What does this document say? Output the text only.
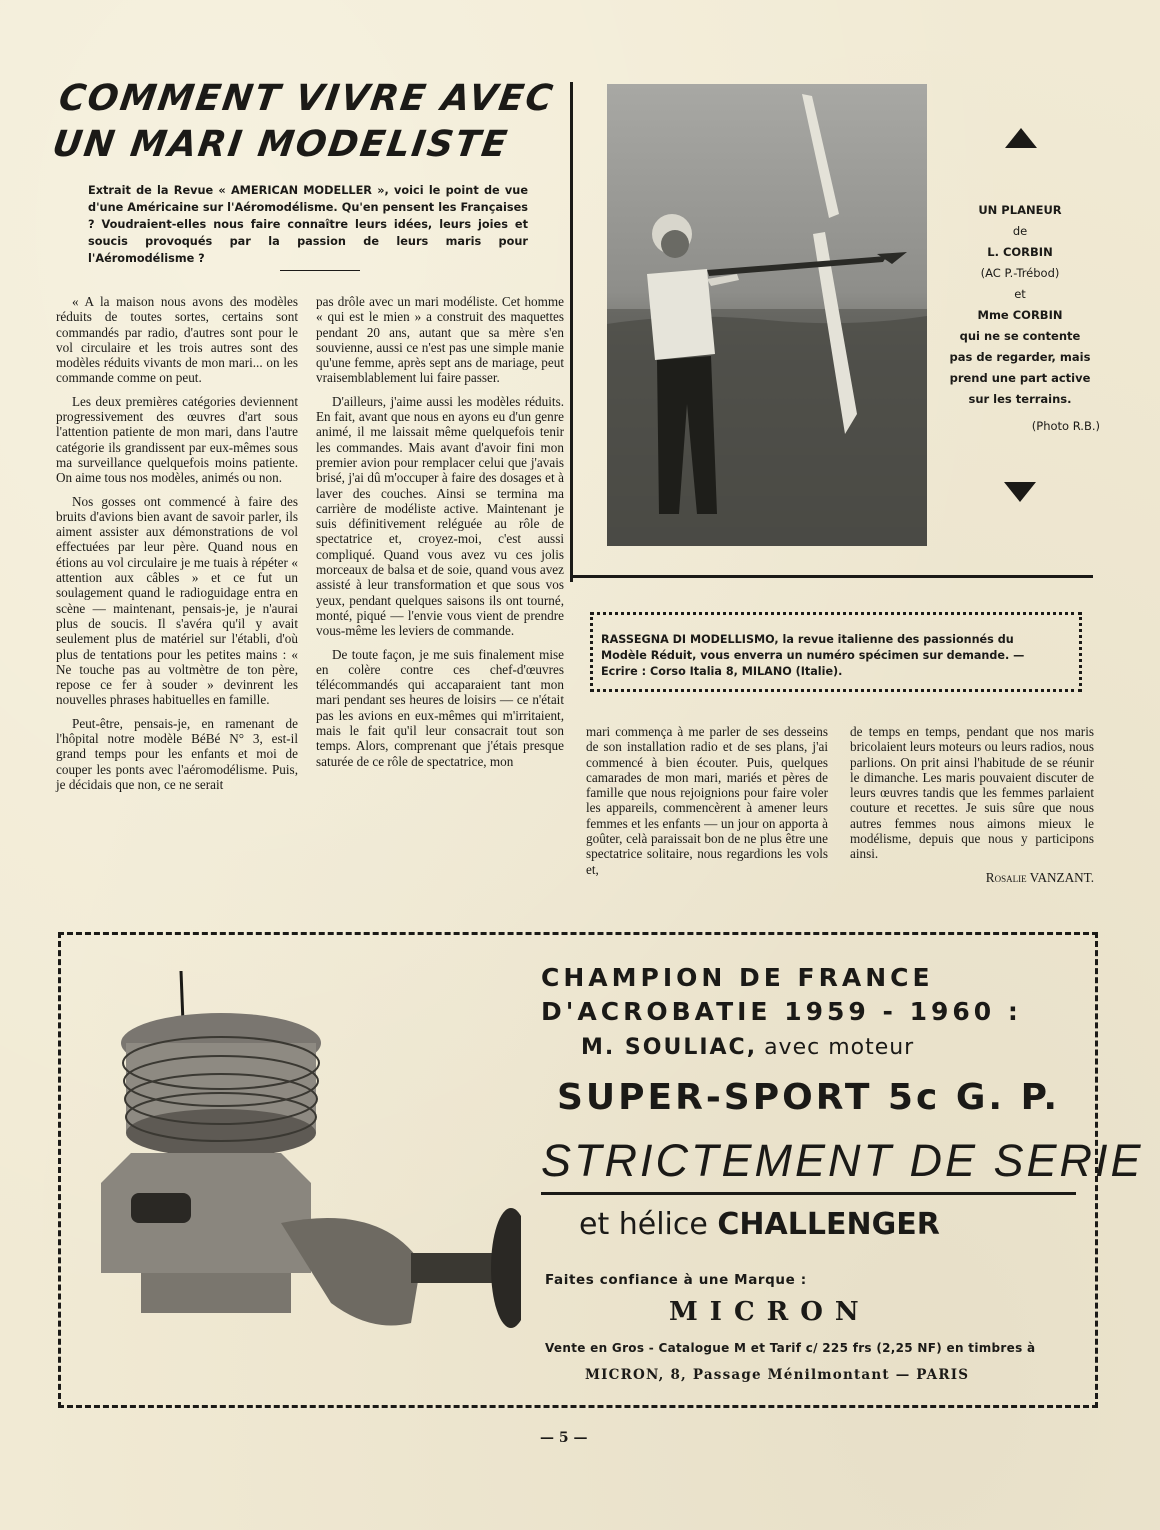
COMMENT VIVRE AVEC
UN MARI MODELISTE
Extrait de la Revue « AMERICAN MODELLER », voici le point de vue d'une Américaine sur l'Aéromodélisme. Qu'en pensent les Françaises ? Voudraient-elles nous faire connaître leurs idées, leurs joies et soucis provoqués par la passion de leurs maris pour l'Aéromodélisme ?

« A la maison nous avons des modèles réduits de toutes sortes, certains sont commandés par radio, d'autres sont pour le vol circulaire et les trois autres sont des modèles réduits vivants de mon mari... on les commande comme on peut.

Les deux premières catégories deviennent progressivement des œuvres d'art sous l'attention patiente de mon mari, dans l'autre catégorie ils grandissent par eux-mêmes sous ma surveillance quelquefois moins patiente. On aime tous nos modèles, animés ou non.

Nos gosses ont commencé à faire des bruits d'avions bien avant de savoir parler, ils aiment assister aux démonstrations de vol effectuées par leur père. Quand nous en étions au vol circulaire je me tuais à répéter « attention aux câbles » et ce fut un soulagement quand le radioguidage entra en scène — maintenant, pensais-je, je n'aurai plus de soucis. Il s'avéra qu'il y avait seulement plus de matériel sur l'établi, d'où plus de tentations pour les petites mains : « Ne touche pas au voltmètre de ton père, repose ce fer à souder » devinrent les nouvelles phrases habituelles en famille.

Peut-être, pensais-je, en ramenant de l'hôpital notre modèle BéBé N° 3, est-il grand temps pour les enfants et moi de couper les ponts avec l'aéromodélisme. Puis, je décidais que non, ce ne serait

pas drôle avec un mari modéliste. Cet homme « qui est le mien » a construit des maquettes pendant 20 ans, autant que sa mère s'en souvienne, aussi ce n'est pas une simple manie qu'une femme, après sept ans de mariage, peut vraisemblablement lui faire passer.

D'ailleurs, j'aime aussi les modèles réduits. En fait, avant que nous en ayons eu d'un genre animé, il me laissait même quelquefois tenir les commandes. Mais avant d'avoir fini mon premier avion pour remplacer celui que j'avais brisé, j'ai dû m'occuper à faire des dosages et à laver des couches. Ainsi se termina ma carrière de modéliste active. Maintenant je suis définitivement reléguée au rôle de spectatrice et, croyez-moi, c'est aussi compliqué. Quand vous avez vu ces jolis morceaux de balsa et de soie, quand vous avez assisté à leur transformation et que sous vos yeux, pendant quelques saisons ils ont tourné, monté, piqué — l'envie vous vient de prendre vous-même les leviers de commande.

De toute façon, je me suis finalement mise en colère contre ces chef-d'œuvres télécommandés qui accaparaient tant mon mari pendant ses heures de loisirs — ce n'était pas les avions en eux-mêmes qui m'irritaient, mais le fait qu'il leur consacrait tout son temps. Alors, comprenant que j'étais presque saturée de ce rôle de spectatrice, mon

mari commença à me parler de ses desseins de son installation radio et de ses plans, j'ai commencé à bien écouter. Puis, quelques camarades de mon mari, mariés et pères de famille que nous rejoignions pour faire voler les appareils, commencèrent à amener leurs femmes et les enfants — un jour on apporta à goûter, celà paraissait bon de ne plus être une spectatrice solitaire, nous regardions les vols et,

de temps en temps, pendant que nos maris bricolaient leurs moteurs ou leurs radios, nous parlions. On prit ainsi l'habitude de se réunir le dimanche. Les maris pouvaient discuter de leurs œuvres tandis que les femmes parlaient couture et recettes. Je suis sûre que nous autres femmes nous aimons mieux le modélisme, depuis que nous y participons ainsi.

Rosalie VANZANT.

UN PLANEUR
de
L. CORBIN
(AC P.-Trébod)
et
Mme CORBIN
qui ne se contente
pas de regarder, mais
prend une part active
sur les terrains.
(Photo R.B.)
RASSEGNA DI MODELLISMO, la revue italienne des passionnés du
Modèle Réduit, vous enverra un numéro spécimen sur demande. —
Ecrire : Corso Italia 8, MILANO (Italie).
CHAMPION DE FRANCE
D'ACROBATIE 1959 - 1960 :
M. SOULIAC, avec moteur
SUPER-SPORT 5c G. P.
STRICTEMENT DE SERIE
et hélice CHALLENGER
Faites confiance à une Marque :
MICRON
Vente en Gros - Catalogue M et Tarif c/ 225 frs (2,25 NF) en timbres à
MICRON, 8, Passage Ménilmontant — PARIS
— 5 —
